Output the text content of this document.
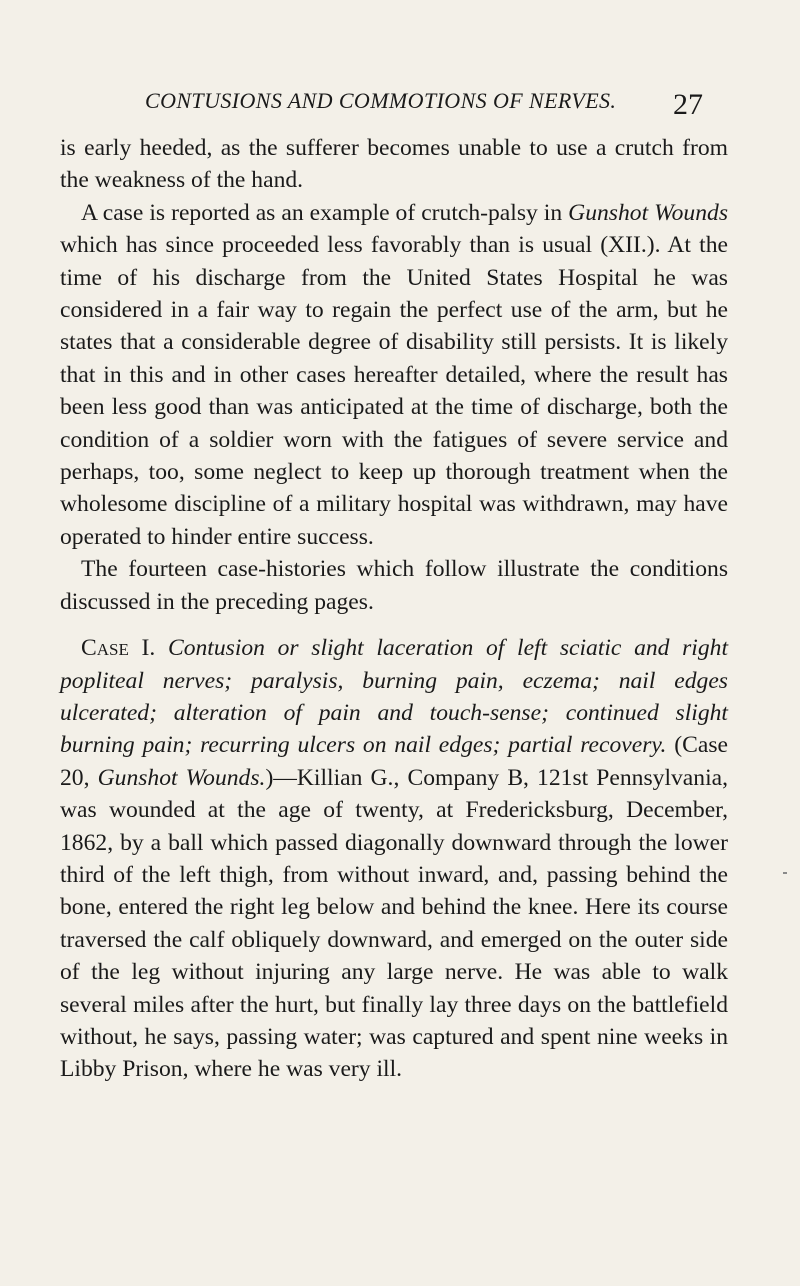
CONTUSIONS AND COMMOTIONS OF NERVES. 27

is early heeded, as the sufferer becomes unable to use a crutch from the weakness of the hand.

A case is reported as an example of crutch-palsy in Gunshot Wounds which has since proceeded less favorably than is usual (XII.). At the time of his discharge from the United States Hospital he was considered in a fair way to regain the perfect use of the arm, but he states that a considerable degree of disability still persists. It is likely that in this and in other cases hereafter detailed, where the result has been less good than was anticipated at the time of discharge, both the condition of a soldier worn with the fatigues of severe service and perhaps, too, some neglect to keep up thorough treatment when the wholesome discipline of a military hospital was withdrawn, may have operated to hinder entire success.

The fourteen case-histories which follow illustrate the conditions discussed in the preceding pages.

Case I. Contusion or slight laceration of left sciatic and right popliteal nerves; paralysis, burning pain, eczema; nail edges ulcerated; alteration of pain and touch-sense; continued slight burning pain; recurring ulcers on nail edges; partial recovery. (Case 20, Gunshot Wounds.)—Killian G., Company B, 121st Pennsylvania, was wounded at the age of twenty, at Fredericksburg, December, 1862, by a ball which passed diagonally downward through the lower third of the left thigh, from without inward, and, passing behind the bone, entered the right leg below and behind the knee. Here its course traversed the calf obliquely downward, and emerged on the outer side of the leg without injuring any large nerve. He was able to walk several miles after the hurt, but finally lay three days on the battlefield without, he says, passing water; was captured and spent nine weeks in Libby Prison, where he was very ill.
